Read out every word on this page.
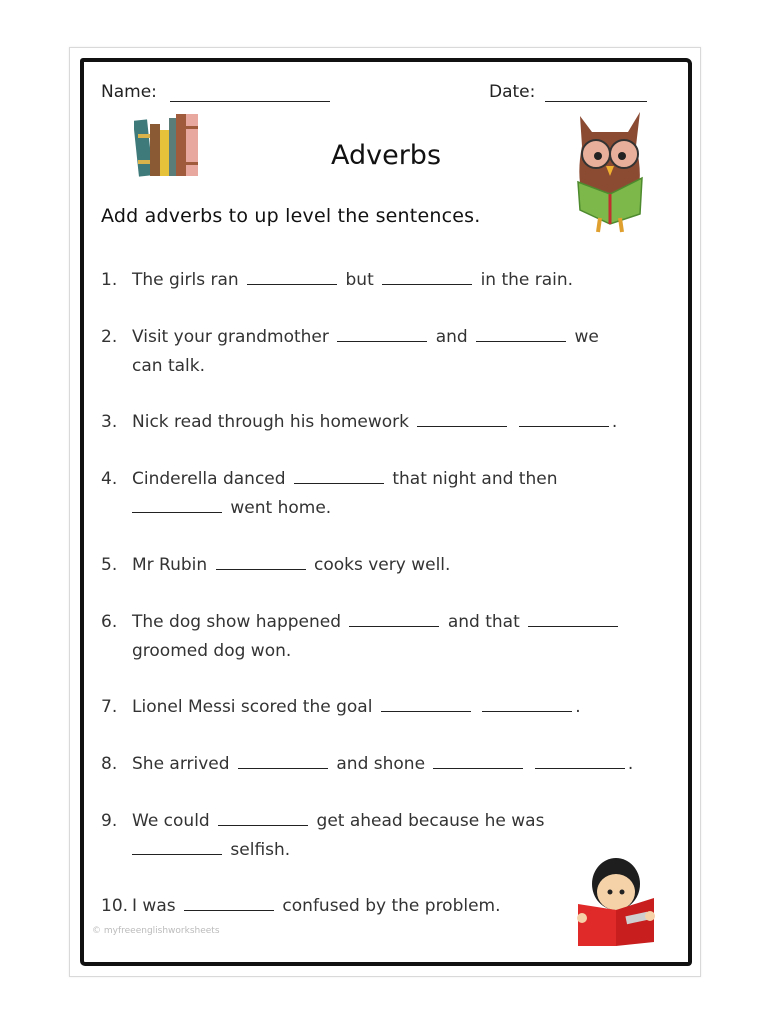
Name:	Date:
Adverbs
Add adverbs to up level the sentences.
1. The girls ran	but	in the rain.
2. Visit your grandmother	and	we
can talk.
3. Nick read through his homework	.
4. Cinderella danced	that night and then
went home.
5. Mr Rubin	cooks very well.
6. The dog show happened	and that
groomed dog won.
7. Lionel Messi scored the goal	.
8. She arrived	and shone	.
9. We could	get ahead because he was
selfish.
10. I was	confused by the problem.
© myfreeenglishworksheets
